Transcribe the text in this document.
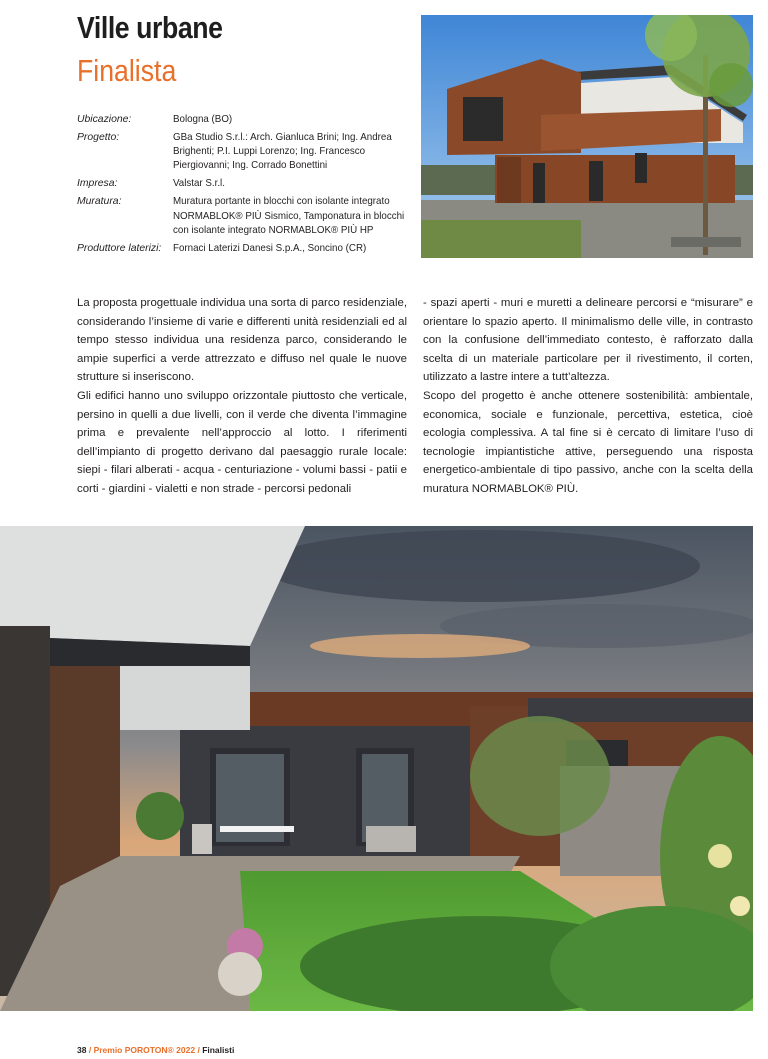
Ville urbane
Finalista
Ubicazione:	Bologna (BO)
Progetto:	GBa Studio S.r.l.: Arch. Gianluca Brini; Ing. Andrea Brighenti; P.I. Luppi Lorenzo; Ing. Francesco Piergiovanni; Ing. Corrado Bonettini
Impresa:	Valstar S.r.l.
Muratura:	Muratura portante in blocchi con isolante integrato NORMABLOK® PIÙ Sismico, Tamponatura in blocchi con isolante integrato NORMABLOK® PIÙ HP
Produttore laterizi:	Fornaci Laterizi Danesi S.p.A., Soncino (CR)

La proposta progettuale individua una sorta di parco residenziale, considerando l’insieme di varie e differenti unità residenziali ed al tempo stesso individua una residenza parco, considerando le ampie superfici a verde attrezzato e diffuso nel quale le nuove strutture si inseriscono.

Gli edifici hanno uno sviluppo orizzontale piuttosto che verticale, persino in quelli a due livelli, con il verde che diventa l’immagine prima e prevalente nell’approccio al lotto. I riferimenti dell’impianto di progetto derivano dal paesaggio rurale locale: siepi - filari alberati - acqua - centuriazione - volumi bassi - patii e corti - giardini - vialetti e non strade - percorsi pedonali

- spazi aperti - muri e muretti a delineare percorsi e “misurare” e orientare lo spazio aperto. Il minimalismo delle ville, in contrasto con la confusione dell’immediato contesto, è rafforzato dalla scelta di un materiale particolare per il rivestimento, il corten, utilizzato a lastre intere a tutt’altezza.

Scopo del progetto è anche ottenere sostenibilità: ambientale, economica, sociale e funzionale, percettiva, estetica, cioè ecologia complessiva. A tal fine si è cercato di limitare l’uso di tecnologie impiantistiche attive, perseguendo una risposta energetico-ambientale di tipo passivo, anche con la scelta della muratura NORMABLOK® PIÙ.

38 / Premio POROTON® 2022 / Finalisti
